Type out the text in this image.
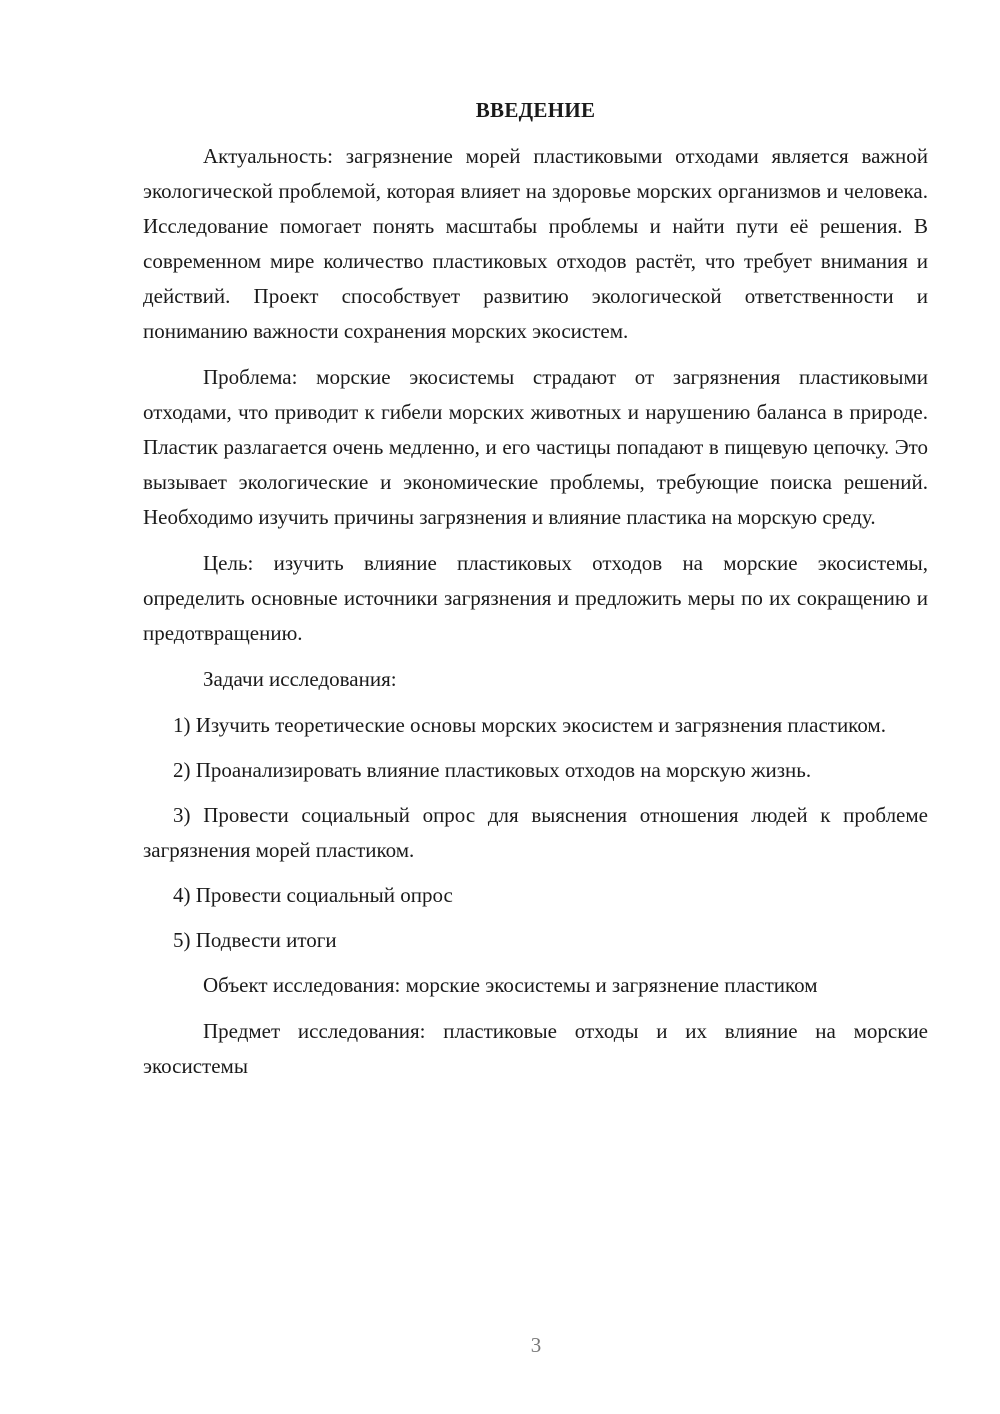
ВВЕДЕНИЕ

Актуальность: загрязнение морей пластиковыми отходами является важной экологической проблемой, которая влияет на здоровье морских организмов и человека. Исследование помогает понять масштабы проблемы и найти пути её решения. В современном мире количество пластиковых отходов растёт, что требует внимания и действий. Проект способствует развитию экологической ответственности и пониманию важности сохранения морских экосистем.

Проблема: морские экосистемы страдают от загрязнения пластиковыми отходами, что приводит к гибели морских животных и нарушению баланса в природе. Пластик разлагается очень медленно, и его частицы попадают в пищевую цепочку. Это вызывает экологические и экономические проблемы, требующие поиска решений. Необходимо изучить причины загрязнения и влияние пластика на морскую среду.

Цель: изучить влияние пластиковых отходов на морские экосистемы, определить основные источники загрязнения и предложить меры по их сокращению и предотвращению.

Задачи исследования:

1) Изучить теоретические основы морских экосистем и загрязнения пластиком.

2) Проанализировать влияние пластиковых отходов на морскую жизнь.

3) Провести социальный опрос для выяснения отношения людей к проблеме загрязнения морей пластиком.

4) Провести социальный опрос

5) Подвести итоги

Объект исследования: морские экосистемы и загрязнение пластиком

Предмет исследования: пластиковые отходы и их влияние на морские экосистемы

3
